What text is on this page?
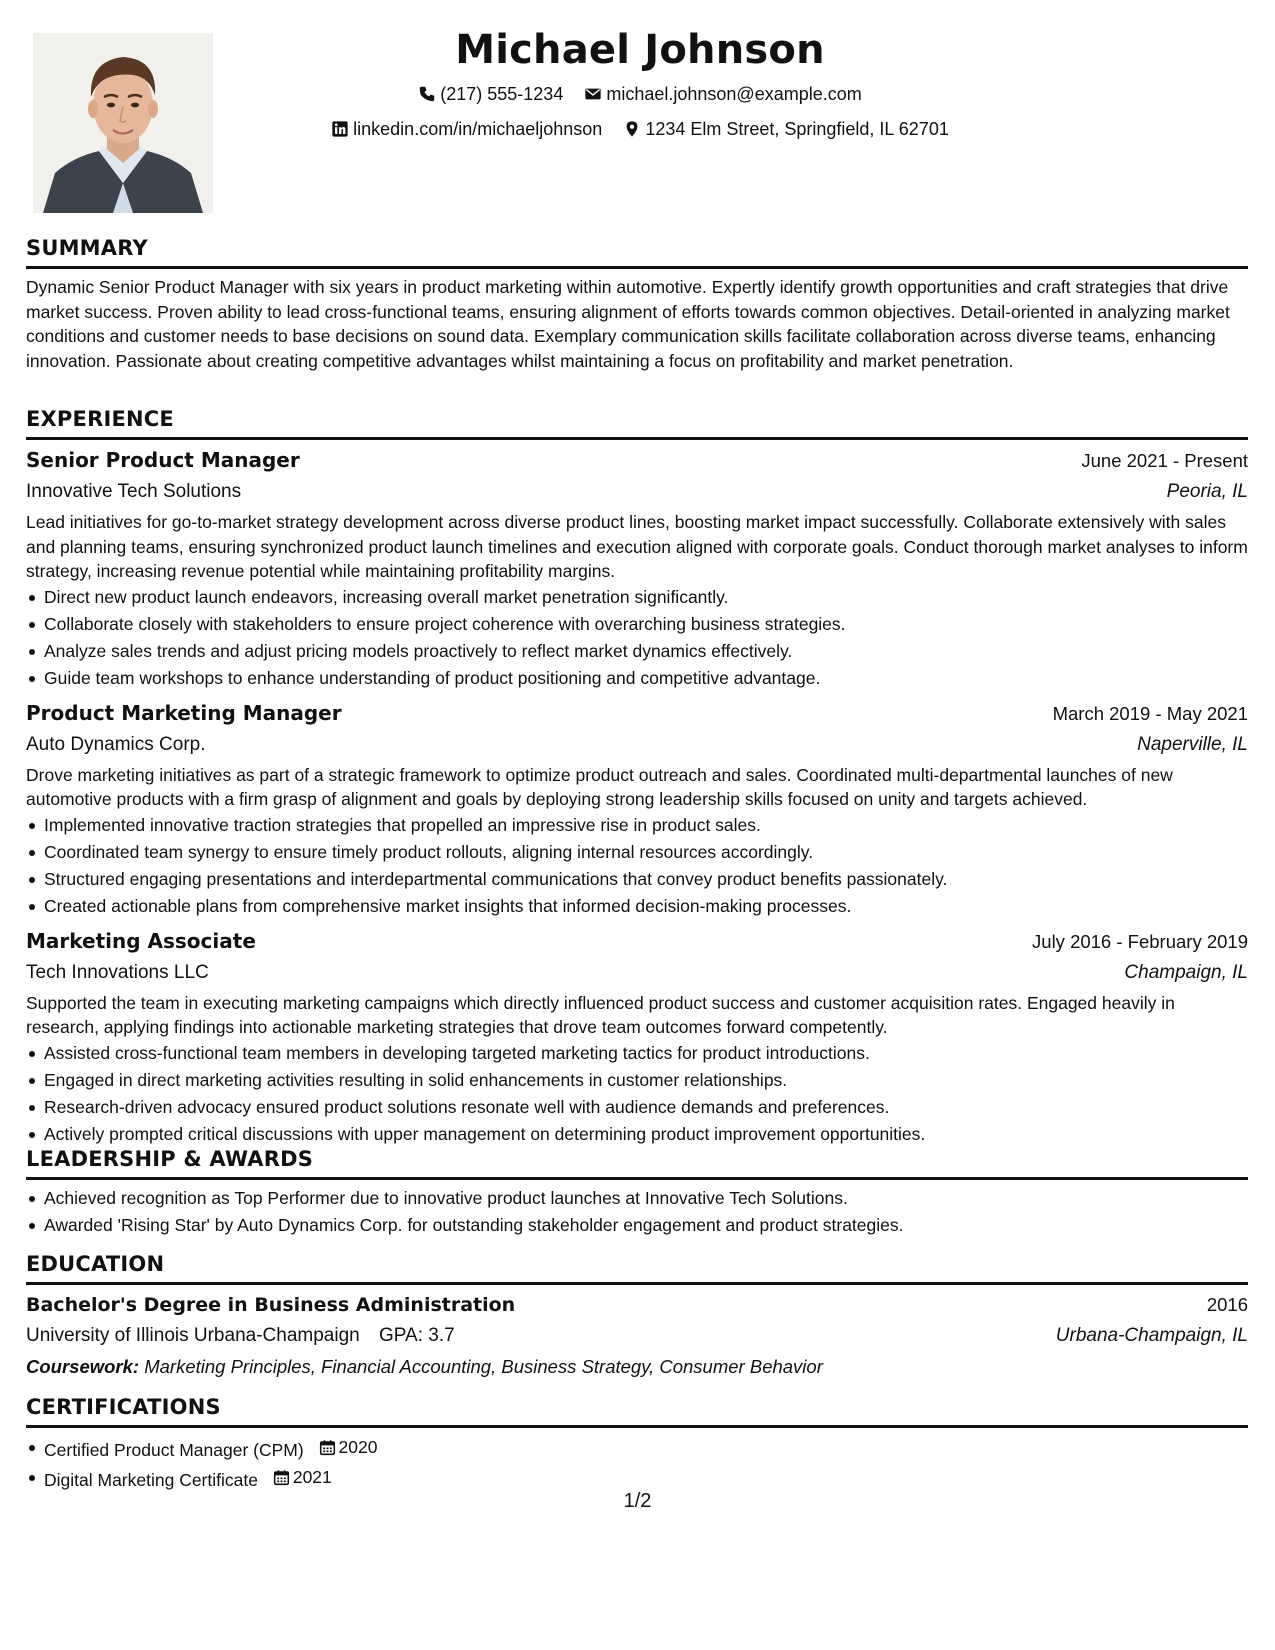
Michael Johnson
(217) 555-1234
michael.johnson@example.com
linkedin.com/in/michaeljohnson
1234 Elm Street, Springfield, IL 62701
SUMMARY

Dynamic Senior Product Manager with six years in product marketing within automotive. Expertly identify growth opportunities and craft strategies that drive market success. Proven ability to lead cross-functional teams, ensuring alignment of efforts towards common objectives. Detail-oriented in analyzing market conditions and customer needs to base decisions on sound data. Exemplary communication skills facilitate collaboration across diverse teams, enhancing innovation. Passionate about creating competitive advantages whilst maintaining a focus on profitability and market penetration.

EXPERIENCE
Senior Product Manager	June 2021 - Present
Innovative Tech Solutions	Peoria, IL

Lead initiatives for go-to-market strategy development across diverse product lines, boosting market impact successfully. Collaborate extensively with sales and planning teams, ensuring synchronized product launch timelines and execution aligned with corporate goals. Conduct thorough market analyses to inform strategy, increasing revenue potential while maintaining profitability margins.

Direct new product launch endeavors, increasing overall market penetration significantly.
Collaborate closely with stakeholders to ensure project coherence with overarching business strategies.
Analyze sales trends and adjust pricing models proactively to reflect market dynamics effectively.
Guide team workshops to enhance understanding of product positioning and competitive advantage.
Product Marketing Manager	March 2019 - May 2021
Auto Dynamics Corp.	Naperville, IL

Drove marketing initiatives as part of a strategic framework to optimize product outreach and sales. Coordinated multi-departmental launches of new automotive products with a firm grasp of alignment and goals by deploying strong leadership skills focused on unity and targets achieved.

Implemented innovative traction strategies that propelled an impressive rise in product sales.
Coordinated team synergy to ensure timely product rollouts, aligning internal resources accordingly.
Structured engaging presentations and interdepartmental communications that convey product benefits passionately.
Created actionable plans from comprehensive market insights that informed decision-making processes.
Marketing Associate	July 2016 - February 2019
Tech Innovations LLC	Champaign, IL

Supported the team in executing marketing campaigns which directly influenced product success and customer acquisition rates. Engaged heavily in research, applying findings into actionable marketing strategies that drove team outcomes forward competently.

Assisted cross-functional team members in developing targeted marketing tactics for product introductions.
Engaged in direct marketing activities resulting in solid enhancements in customer relationships.
Research-driven advocacy ensured product solutions resonate well with audience demands and preferences.
Actively prompted critical discussions with upper management on determining product improvement opportunities.
LEADERSHIP & AWARDS
Achieved recognition as Top Performer due to innovative product launches at Innovative Tech Solutions.
Awarded 'Rising Star' by Auto Dynamics Corp. for outstanding stakeholder engagement and product strategies.
EDUCATION
Bachelor's Degree in Business Administration	2016
University of Illinois Urbana-Champaign GPA: 3.7	Urbana-Champaign, IL
Coursework: Marketing Principles, Financial Accounting, Business Strategy, Consumer Behavior
CERTIFICATIONS
Certified Product Manager (CPM) 2020
Digital Marketing Certificate 2021
1/2
